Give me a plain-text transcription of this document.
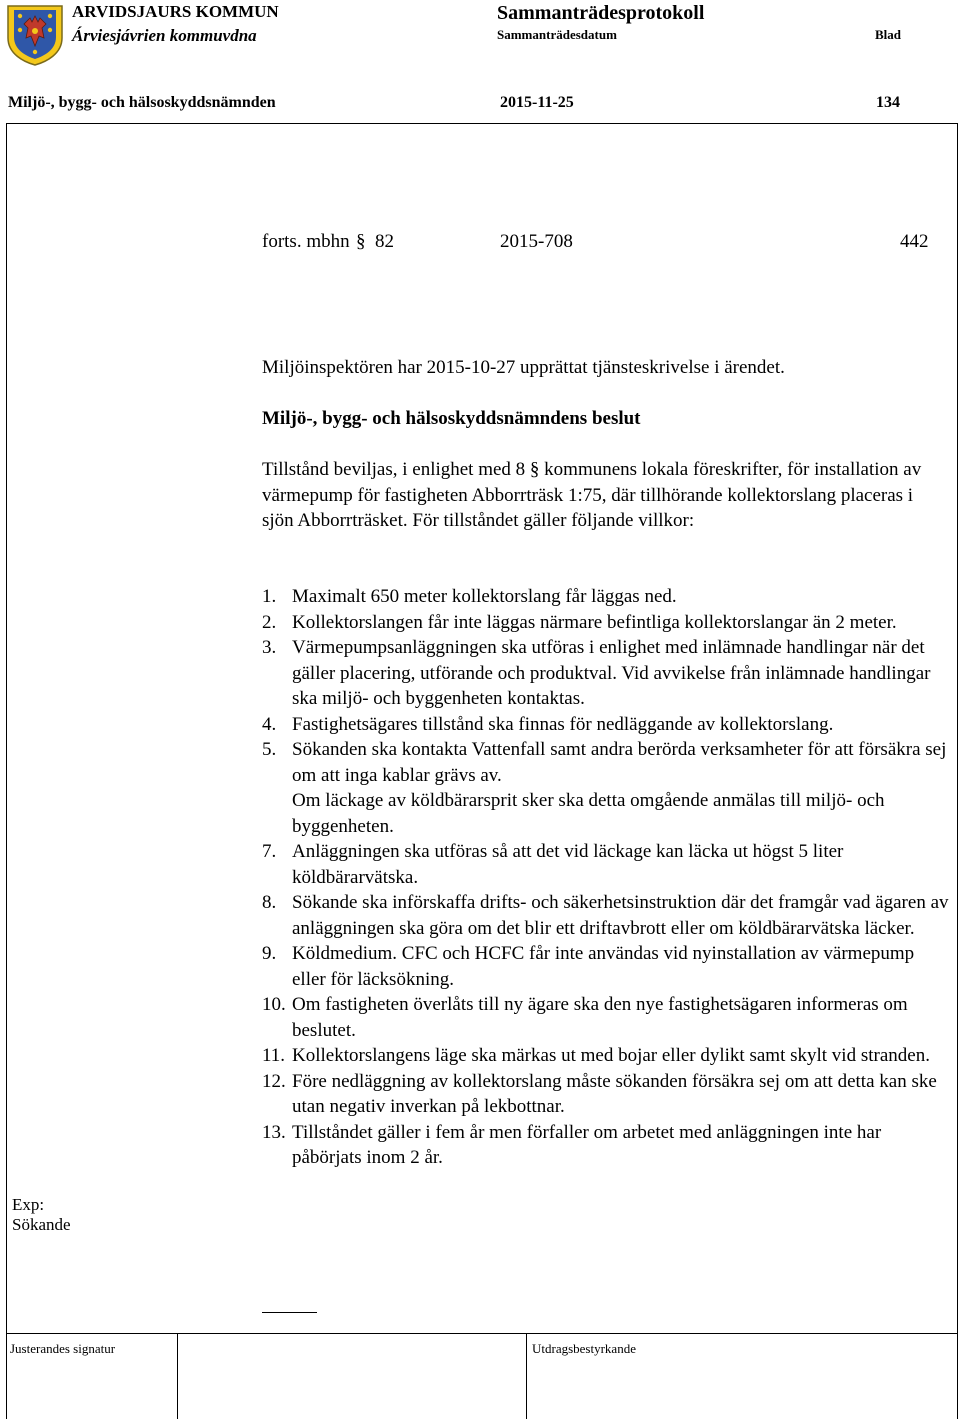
ARVIDSJAURS KOMMUN
Árviesjávrien kommuvdna
Sammanträdesprotokoll
Sammanträdesdatum	Blad
Miljö-, bygg- och hälsoskyddsnämnden	2015-11-25	134
forts. mbhn § 82	2015-708	442
Miljöinspektören har 2015-10-27 upprättat tjänsteskrivelse i ärendet.
Miljö-, bygg- och hälsoskyddsnämndens beslut
Tillstånd beviljas, i enlighet med 8 § kommunens lokala föreskrifter, för installation av värmepump för fastigheten Abborrträsk 1:75, där tillhörande kollektorslang placeras i sjön Abborrträsket. För tillståndet gäller följande villkor:
1. Maximalt 650 meter kollektorslang får läggas ned.
2. Kollektorslangen får inte läggas närmare befintliga kollektorslangar än 2 meter.
3. Värmepumpsanläggningen ska utföras i enlighet med inlämnade handlingar när det gäller placering, utförande och produktval. Vid avvikelse från inlämnade handlingar ska miljö- och byggenheten kontaktas.
4. Fastighetsägares tillstånd ska finnas för nedläggande av kollektorslang.
5. Sökanden ska kontakta Vattenfall samt andra berörda verksamheter för att försäkra sej om att inga kablar grävs av.
Om läckage av köldbärarsprit sker ska detta omgående anmälas till miljö- och byggenheten.
7. Anläggningen ska utföras så att det vid läckage kan läcka ut högst 5 liter köldbärarvätska.
8. Sökande ska införskaffa drifts- och säkerhetsinstruktion där det framgår vad ägaren av anläggningen ska göra om det blir ett driftavbrott eller om köldbärarvätska läcker.
9. Köldmedium. CFC och HCFC får inte användas vid nyinstallation av värmepump eller för läcksökning.
10. Om fastigheten överlåts till ny ägare ska den nye fastighetsägaren informeras om beslutet.
11. Kollektorslangens läge ska märkas ut med bojar eller dylikt samt skylt vid stranden.
12. Före nedläggning av kollektorslang måste sökanden försäkra sej om att detta kan ske utan negativ inverkan på lekbottnar.
13. Tillståndet gäller i fem år men förfaller om arbetet med anläggningen inte har påbörjats inom 2 år.
Exp:
Sökande
Justerandes signatur	Utdragsbestyrkande
